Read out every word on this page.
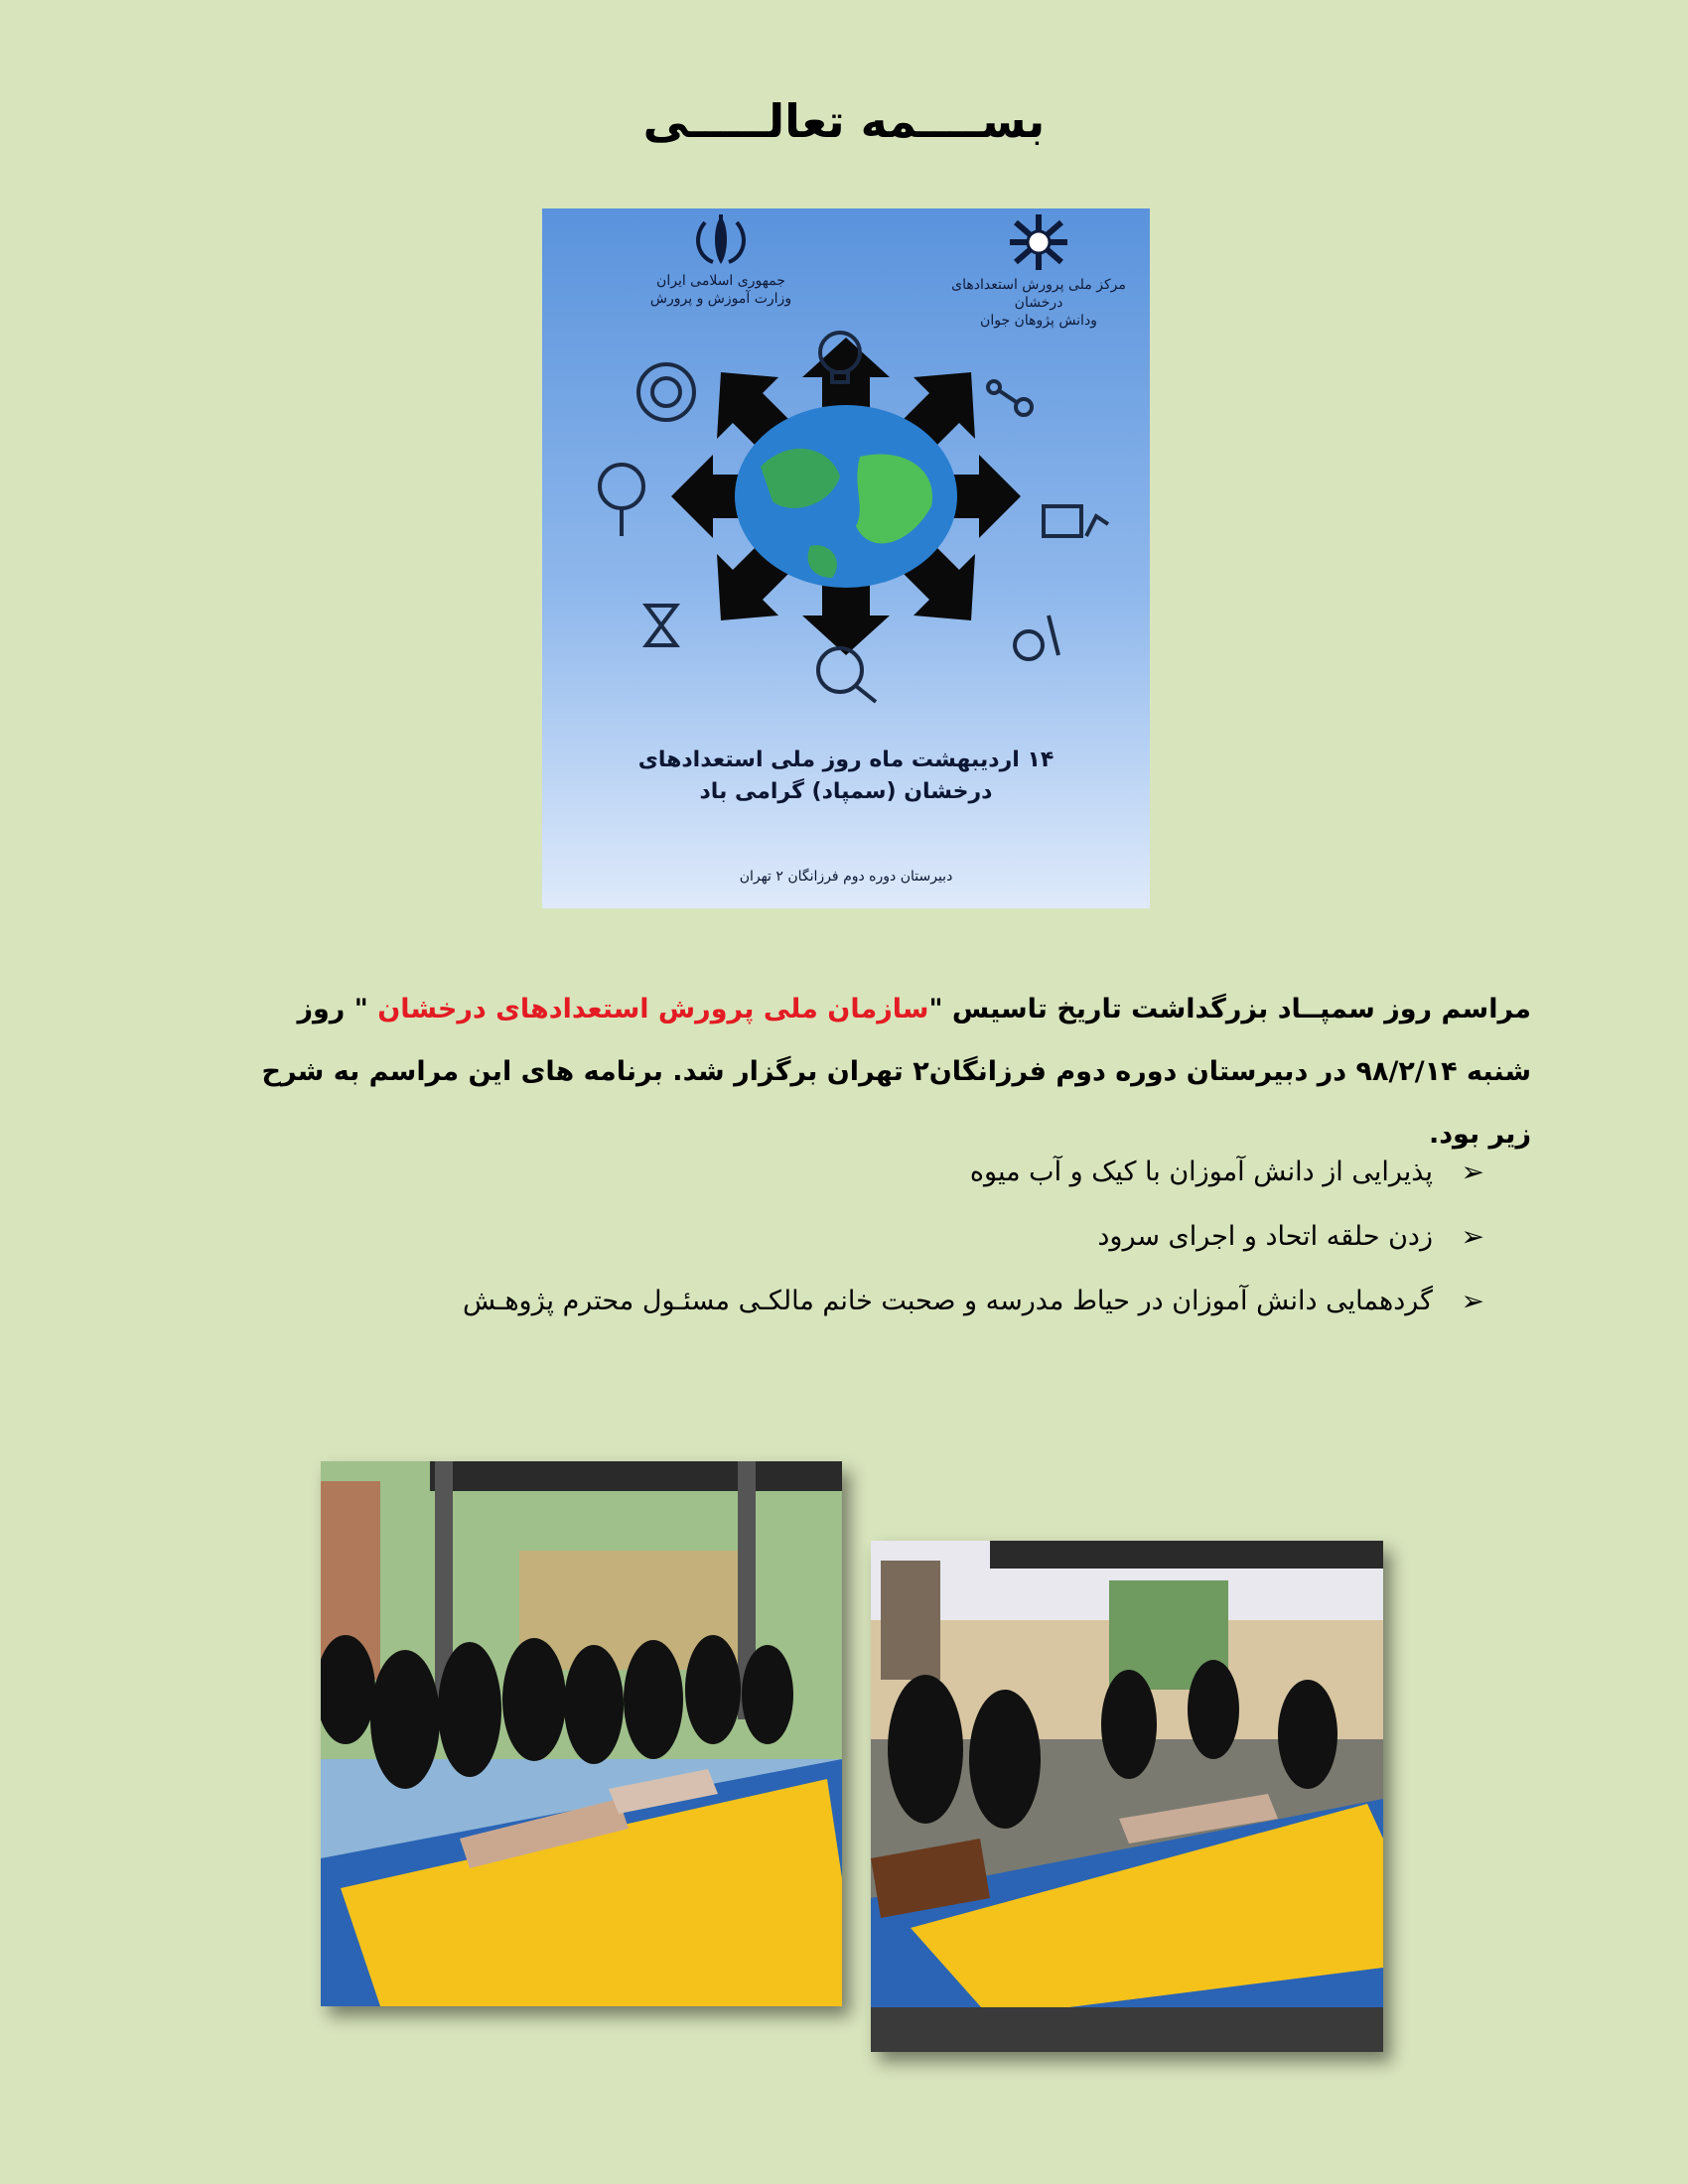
بســــمه تعالـــــی
جمهوری اسلامی ایران
وزارت آموزش و پرورش
مرکز ملی پرورش استعدادهای درخشان
ودانش پژوهان جوان
۱۴ اردیبهشت ماه روز ملی استعدادهای
درخشان (سمپاد) گرامی باد
دبیرستان دوره دوم فرزانگان ۲ تهران
مراسم روز سمپــاد بزرگداشت تاریخ تاسیس "سازمان ملی پرورش استعدادهای درخشان " روز شنبه ۹۸/۲/۱۴ در دبیرستان دوره دوم فرزانگان۲ تهران برگزار شد. برنامه های این مراسم به شرح زیر بود.
➢
پذیرایی از دانش آموزان با کیک و آب میوه
➢
زدن حلقه اتحاد و اجرای سرود
➢
گردهمایی دانش آموزان در حیاط مدرسه و صحبت خانم مالکـی مسئـول محترم پژوهـش
